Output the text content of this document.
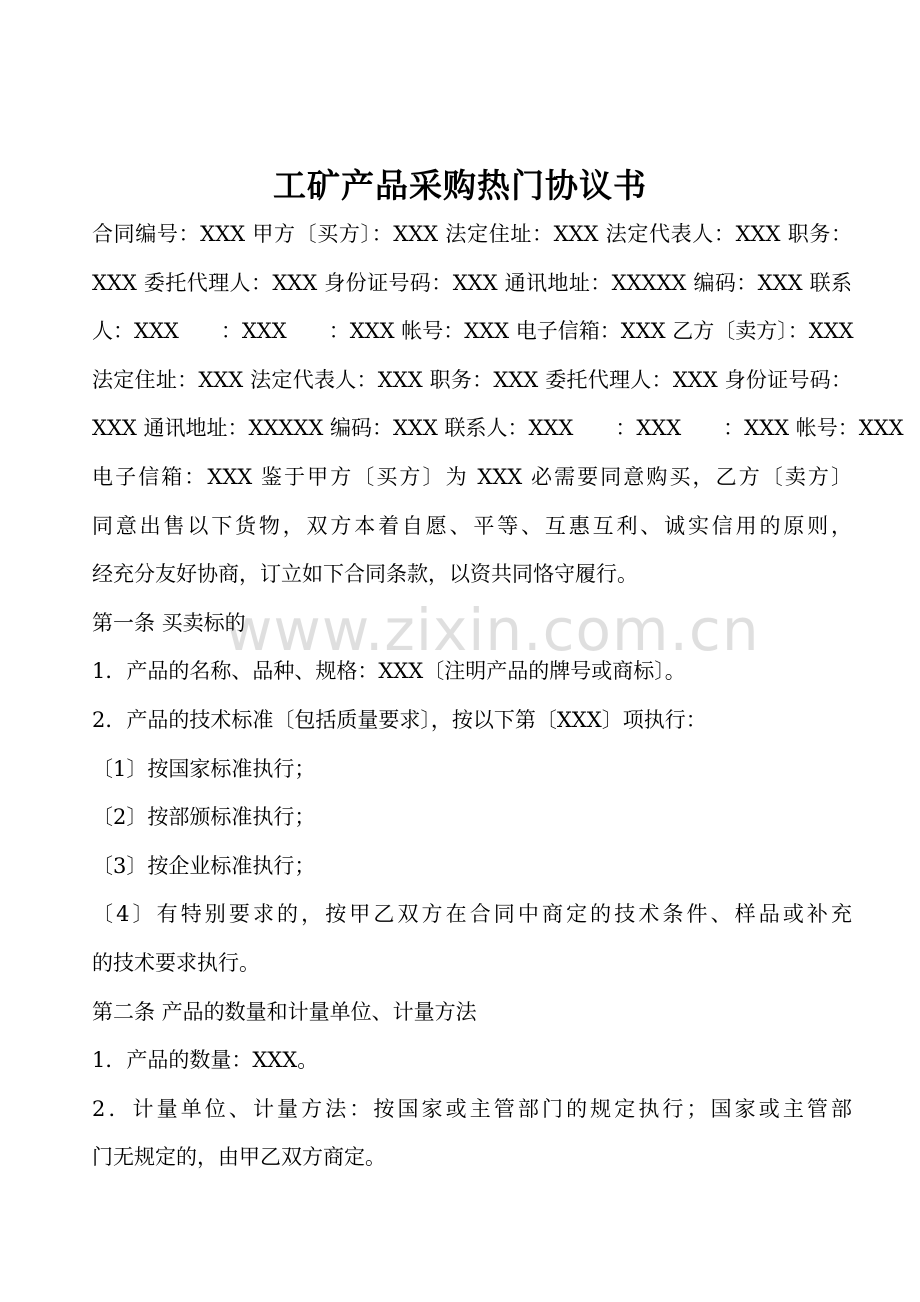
工矿产品采购热门协议书
合同编号：XXX 甲方〔买方〕：XXX 法定住址：XXX 法定代表人：XXX 职务：
XXX 委托代理人：XXX 身份证号码：XXX 通讯地址：XXXXX 编码：XXX 联系
人：XXX　　：XXX　　：XXX 帐号：XXX 电子信箱：XXX 乙方〔卖方〕：XXX
法定住址：XXX 法定代表人：XXX 职务：XXX 委托代理人：XXX 身份证号码：
XXX 通讯地址：XXXXX 编码：XXX 联系人：XXX　　：XXX　　：XXX 帐号：XXX
电子信箱：XXX 鉴于甲方〔买方〕为 XXX 必需要同意购买，乙方〔卖方〕
同意出售以下货物，双方本着自愿、平等、互惠互利、诚实信用的原则，
经充分友好协商，订立如下合同条款，以资共同恪守履行。
第一条 买卖标的
1．产品的名称、品种、规格：XXX〔注明产品的牌号或商标〕。
2．产品的技术标准〔包括质量要求〕，按以下第〔XXX〕项执行：
〔1〕按国家标准执行；
〔2〕按部颁标准执行；
〔3〕按企业标准执行；
〔4〕有特别要求的，按甲乙双方在合同中商定的技术条件、样品或补充
的技术要求执行。
第二条 产品的数量和计量单位、计量方法
1．产品的数量：XXX。
2．计量单位、计量方法：按国家或主管部门的规定执行；国家或主管部
门无规定的，由甲乙双方商定。
www.zixin.com.cn
